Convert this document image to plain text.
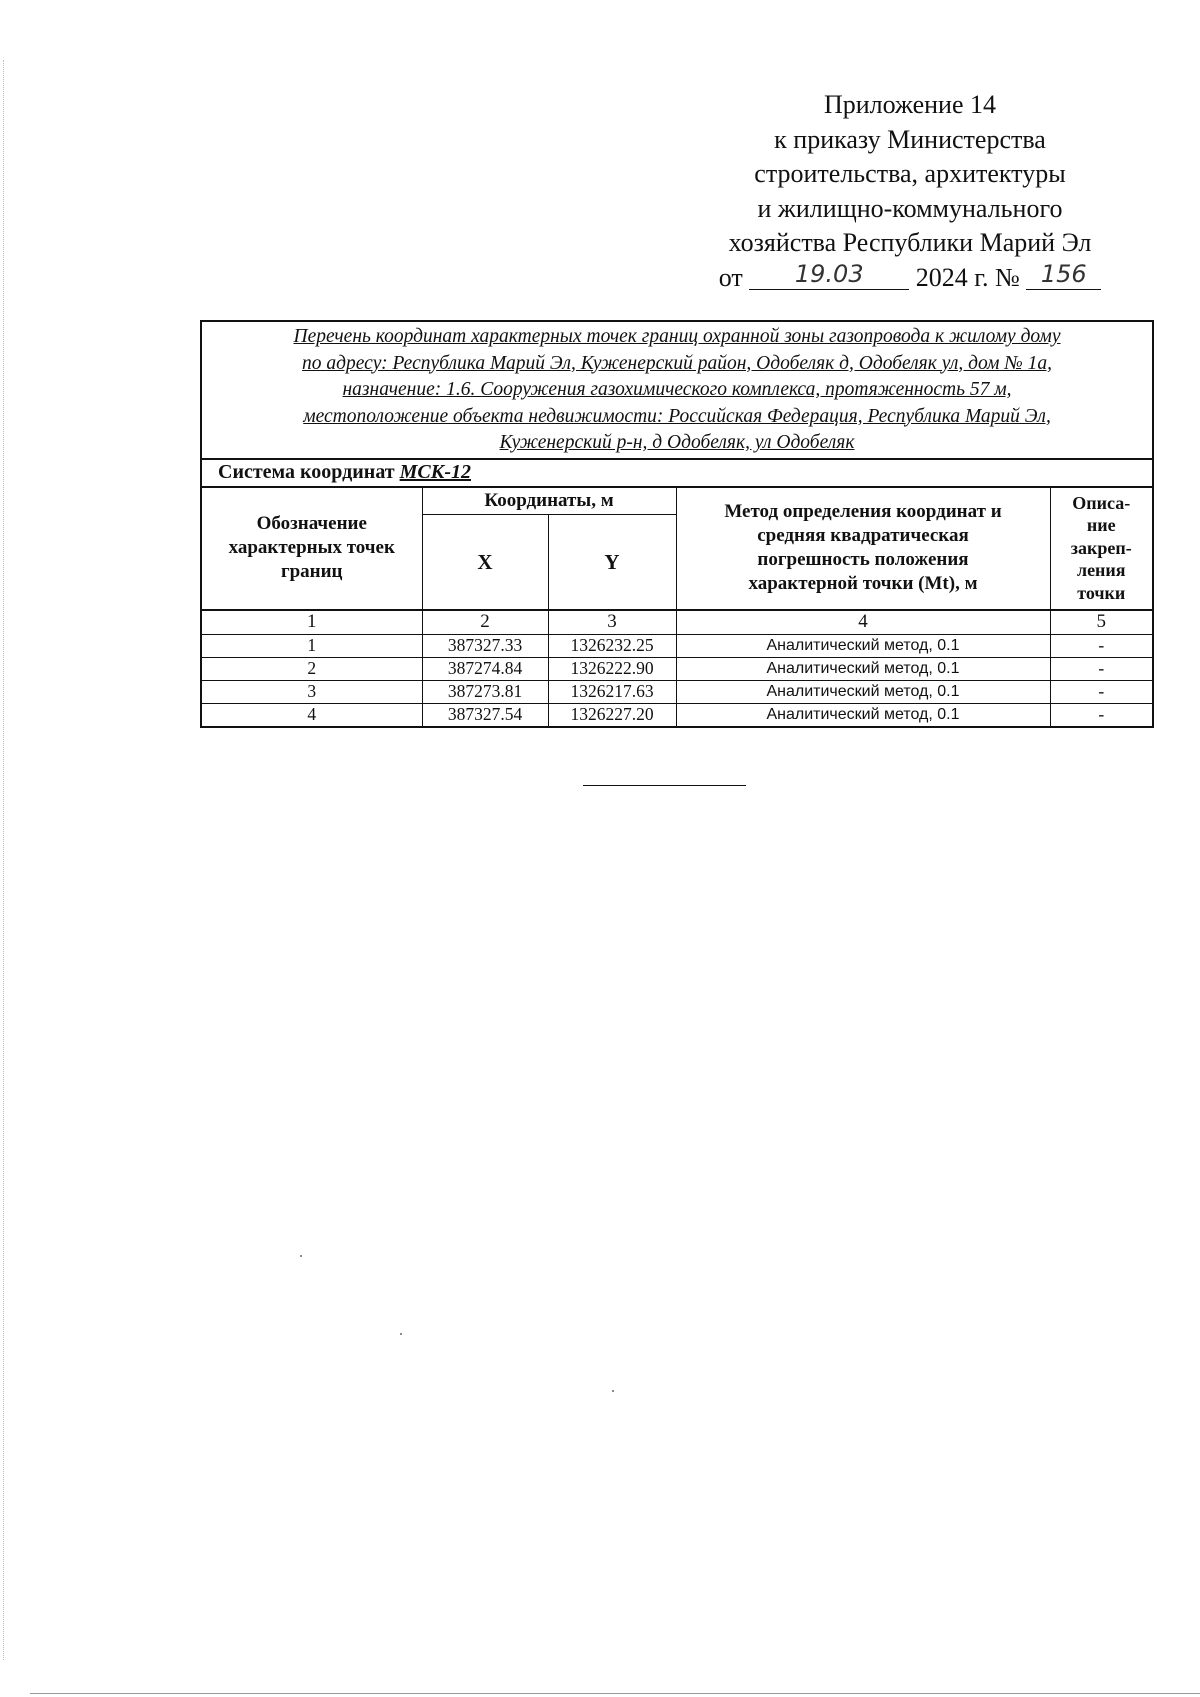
Приложение 14
к приказу Министерства
строительства, архитектуры
и жилищно-коммунального
хозяйства Республики Марий Эл
от 19.03 2024 г. № 156
Перечень координат характерных точек границ охранной зоны газопровода к жилому дому
по адресу: Республика Марий Эл, Куженерский район, Одобеляк д, Одобеляк ул, дом № 1а,
назначение: 1.6. Сооружения газохимического комплекса, протяженность 57 м,
местоположение объекта недвижимости: Российская Федерация, Республика Марий Эл,
Куженерский р-н, д Одобеляк, ул Одобеляк				

Система координат МСК-12				

Обозначение
характерных точек
границ	Координаты, м		Метод определения координат и
средняя квадратическая
погрешность положения
характерной точки (Mt), м	Описа-
ние
закреп-
ления
точки

	X	Y		
1	2	3	4	5
1	387327.33	1326232.25	Аналитический метод, 0.1	-
2	387274.84	1326222.90	Аналитический метод, 0.1	-
3	387273.81	1326217.63	Аналитический метод, 0.1	-
4	387327.54	1326227.20	Аналитический метод, 0.1	-
